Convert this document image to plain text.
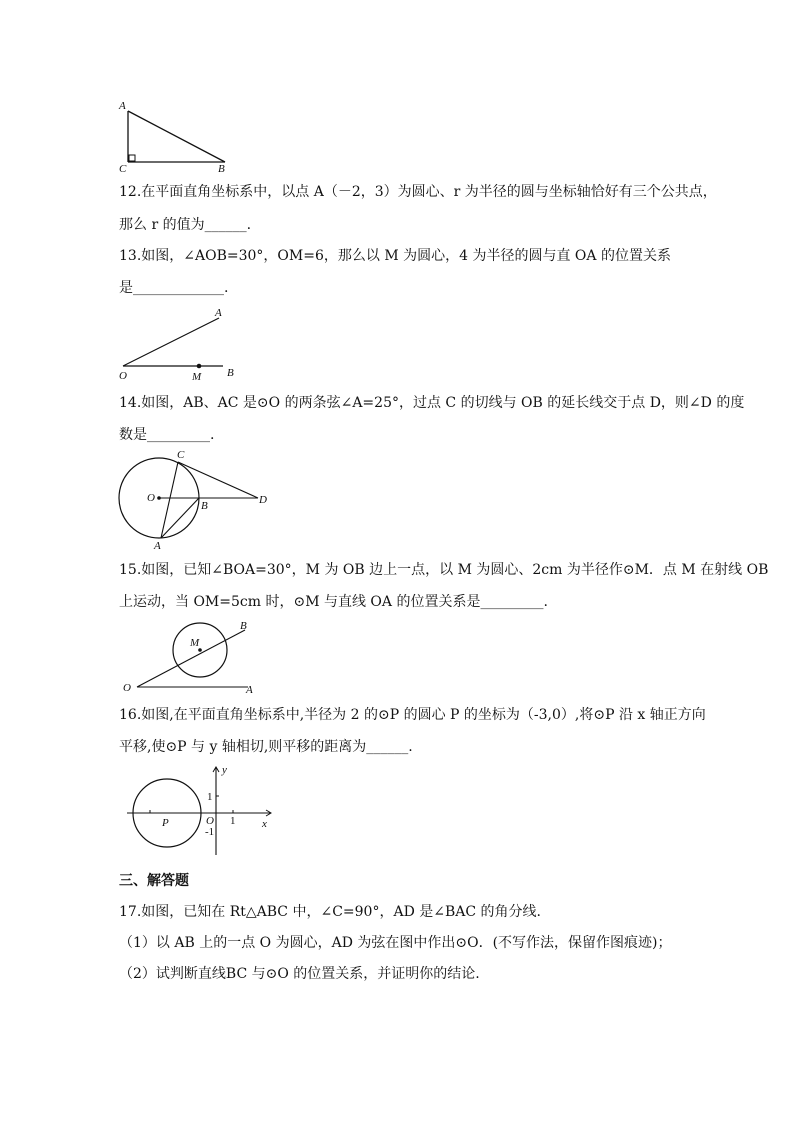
A
C	B
12.在平面直角坐标系中，以点 A（－2，3）为圆心、r 为半径的圆与坐标轴恰好有三个公共点，
那么 r 的值为______.
13.如图，∠AOB=30°，OM=6，那么以 M 为圆心，4 为半径的圆与直 OA 的位置关系
是_____________.
O	M
A
B
14.如图，AB、AC 是⊙O 的两条弦∠A=25°，过点 C 的切线与 OB 的延长线交于点 D，则∠D 的度
数是_________.
O
C
B	D
A
15.如图，已知∠BOA=30°，M 为 OB 边上一点，以 M 为圆心、2cm 为半径作⊙M．点 M 在射线 OB
上运动，当 OM=5cm 时，⊙M 与直线 OA 的位置关系是_________.
O
M
B
A
16.如图,在平面直角坐标系中,半径为 2 的⊙P 的圆心 P 的坐标为（-3,0）,将⊙P 沿 x 轴正方向
平移,使⊙P 与 y 轴相切,则平移的距离为______.
y
x
O
P
1
1
-1
三、解答题
17.如图，已知在 Rt△ABC 中，∠C=90°，AD 是∠BAC 的角分线.
（1）以 AB 上的一点 O 为圆心，AD 为弦在图中作出⊙O．(不写作法，保留作图痕迹)；
（2）试判断直线BC 与⊙O 的位置关系，并证明你的结论.
